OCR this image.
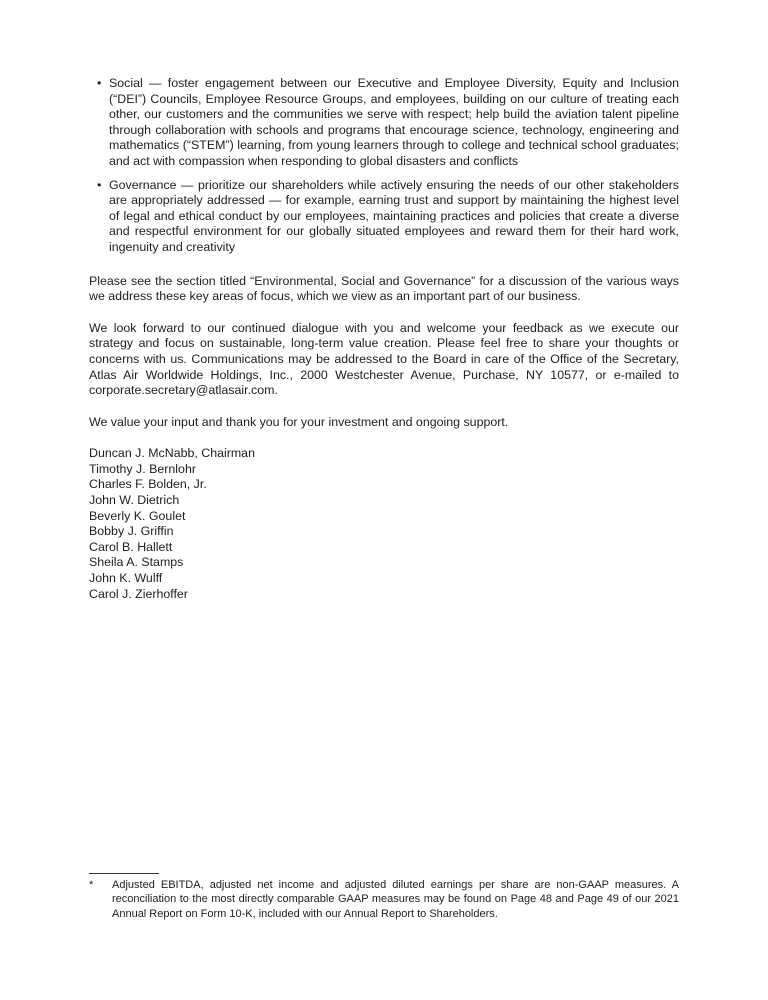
• Social — foster engagement between our Executive and Employee Diversity, Equity and Inclusion (“DEI”) Councils, Employee Resource Groups, and employees, building on our culture of treating each other, our customers and the communities we serve with respect; help build the aviation talent pipeline through collaboration with schools and programs that encourage science, technology, engineering and mathematics (“STEM”) learning, from young learners through to college and technical school graduates; and act with compassion when responding to global disasters and conflicts
• Governance — prioritize our shareholders while actively ensuring the needs of our other stakeholders are appropriately addressed — for example, earning trust and support by maintaining the highest level of legal and ethical conduct by our employees, maintaining practices and policies that create a diverse and respectful environment for our globally situated employees and reward them for their hard work, ingenuity and creativity

Please see the section titled “Environmental, Social and Governance” for a discussion of the various ways we address these key areas of focus, which we view as an important part of our business.

We look forward to our continued dialogue with you and welcome your feedback as we execute our strategy and focus on sustainable, long-term value creation. Please feel free to share your thoughts or concerns with us. Communications may be addressed to the Board in care of the Office of the Secretary, Atlas Air Worldwide Holdings, Inc., 2000 Westchester Avenue, Purchase, NY 10577, or e-mailed to corporate.secretary@atlasair.com.

We value your input and thank you for your investment and ongoing support.

Duncan J. McNabb, Chairman
Timothy J. Bernlohr
Charles F. Bolden, Jr.
John W. Dietrich
Beverly K. Goulet
Bobby J. Griffin
Carol B. Hallett
Sheila A. Stamps
John K. Wulff
Carol J. Zierhoffer
* Adjusted EBITDA, adjusted net income and adjusted diluted earnings per share are non-GAAP measures. A reconciliation to the most directly comparable GAAP measures may be found on Page 48 and Page 49 of our 2021 Annual Report on Form 10-K, included with our Annual Report to Shareholders.
